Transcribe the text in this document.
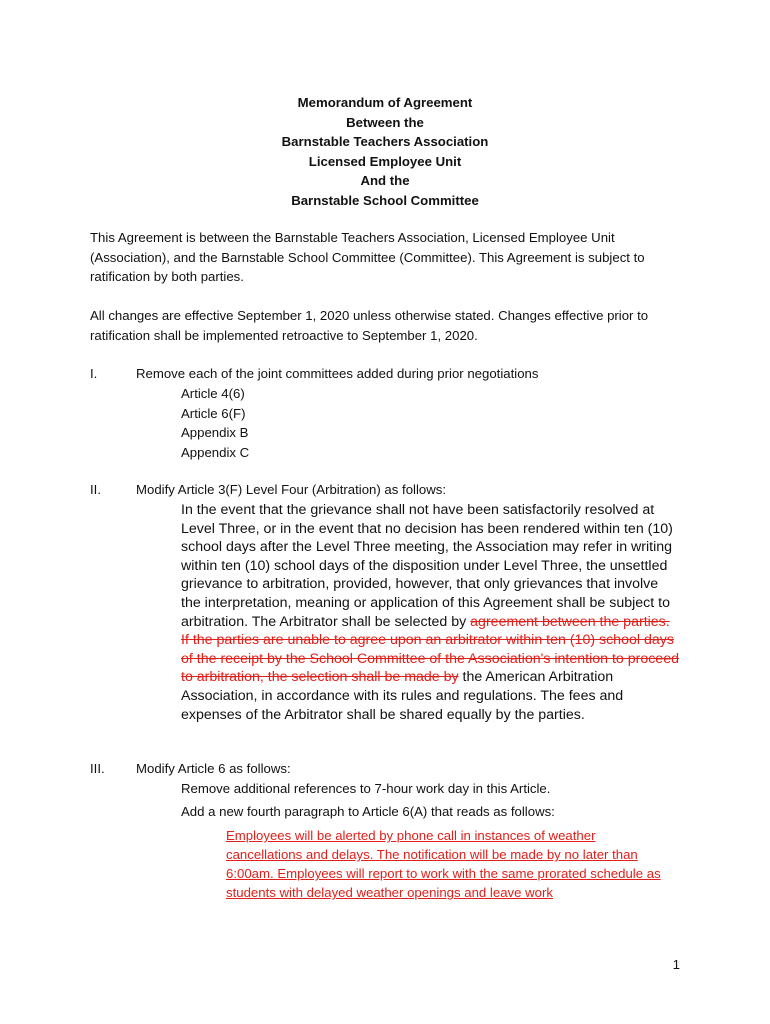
Memorandum of Agreement
Between the
Barnstable Teachers Association
Licensed Employee Unit
And the
Barnstable School Committee

This Agreement is between the Barnstable Teachers Association, Licensed Employee Unit (Association), and the Barnstable School Committee (Committee). This Agreement is subject to ratification by both parties.

All changes are effective September 1, 2020 unless otherwise stated. Changes effective prior to ratification shall be implemented retroactive to September 1, 2020.

I.	Remove each of the joint committees added during prior negotiations
Article 4(6)
Article 6(F)
Appendix B
Appendix C
II.	Modify Article 3(F) Level Four (Arbitration) as follows:

In the event that the grievance shall not have been satisfactorily resolved at Level Three, or in the event that no decision has been rendered within ten (10) school days after the Level Three meeting, the Association may refer in writing within ten (10) school days of the disposition under Level Three, the unsettled grievance to arbitration, provided, however, that only grievances that involve the interpretation, meaning or application of this Agreement shall be subject to arbitration. The Arbitrator shall be selected by agreement between the parties. If the parties are unable to agree upon an arbitrator within ten (10) school days of the receipt by the School Committee of the Association's intention to proceed to arbitration, the selection shall be made by the American Arbitration Association, in accordance with its rules and regulations. The fees and expenses of the Arbitrator shall be shared equally by the parties.

III. Modify Article 6 as follows:
Remove additional references to 7-hour work day in this Article.
Add a new fourth paragraph to Article 6(A) that reads as follows:

Employees will be alerted by phone call in instances of weather cancellations and delays. The notification will be made by no later than 6:00am. Employees will report to work with the same prorated schedule as students with delayed weather openings and leave work

1
